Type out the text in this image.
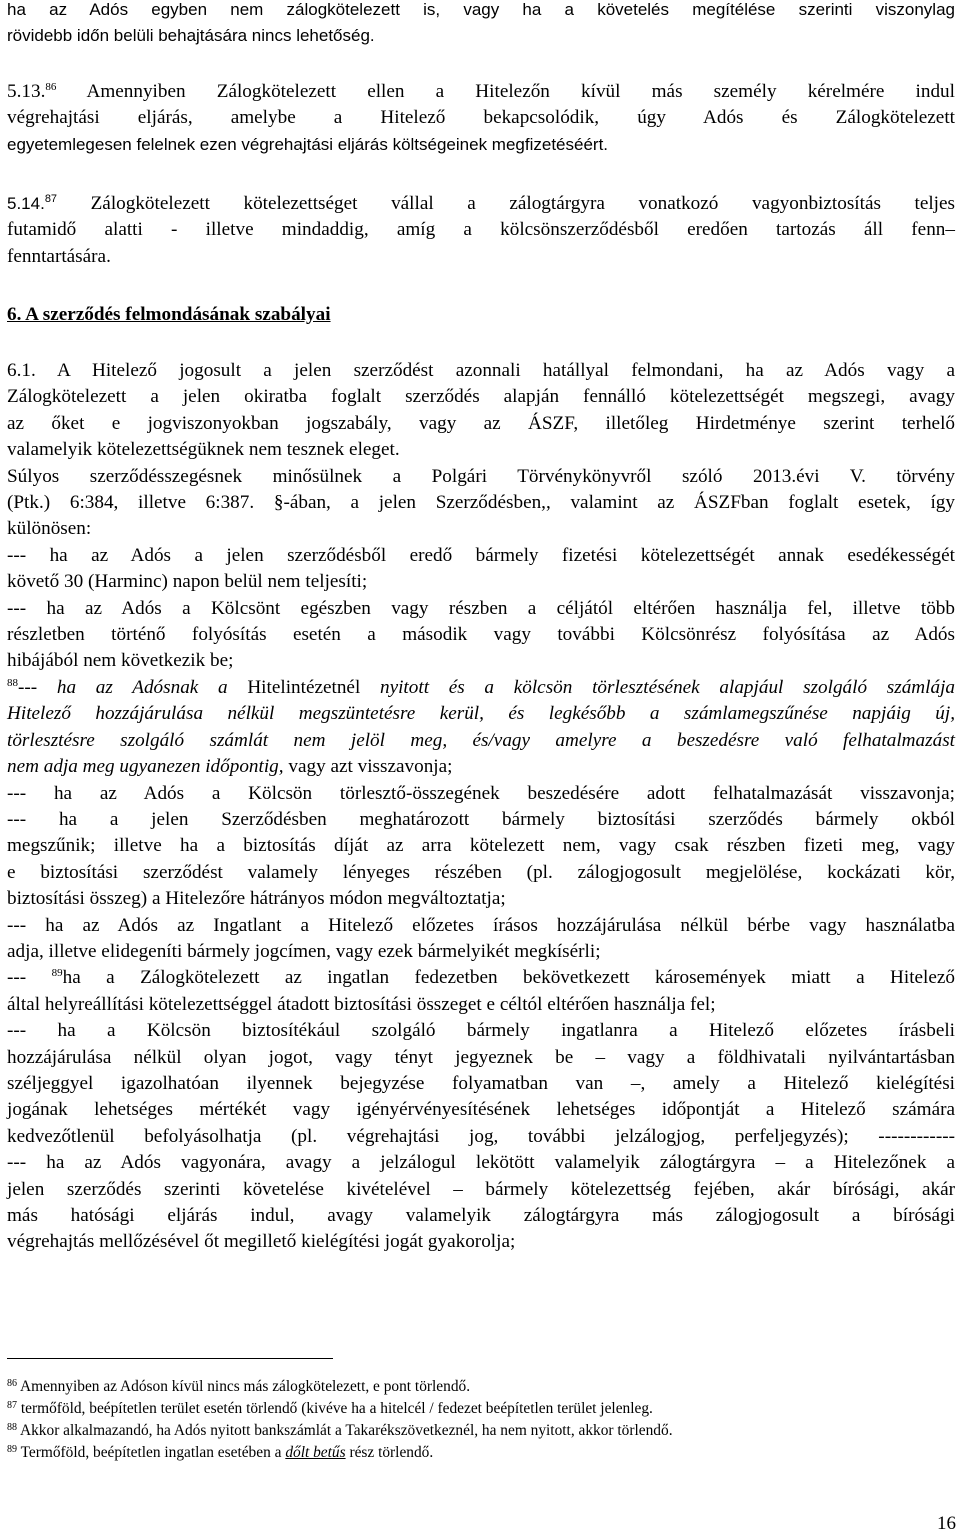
ha az Adós egyben nem zálogkötelezett is, vagy ha a követelés megítélése szerinti viszonylag
rövidebb időn belüli behajtására nincs lehetőség.

5.13.86 Amennyiben Zálogkötelezett ellen a Hitelezőn kívül más személy kérelmére indul
végrehajtási eljárás, amelybe a Hitelező bekapcsolódik, úgy Adós és Zálogkötelezett
egyetemlegesen felelnek ezen végrehajtási eljárás költségeinek megfizetéséért.

5.14.87 Zálogkötelezett kötelezettséget vállal a zálogtárgyra vonatkozó vagyonbiztosítás teljes
futamidő alatti - illetve mindaddig, amíg a kölcsönszerződésből eredően tartozás áll fenn–
fenntartására.

6. A szerződés felmondásának szabályai

6.1. A Hitelező jogosult a jelen szerződést azonnali hatállyal felmondani, ha az Adós vagy a
Zálogkötelezett a jelen okiratba foglalt szerződés alapján fennálló kötelezettségét megszegi, avagy
az őket e jogviszonyokban jogszabály, vagy az ÁSZF, illetőleg Hirdetménye szerint terhelő
valamelyik kötelezettségüknek nem tesznek eleget.
Súlyos szerződésszegésnek minősülnek a Polgári Törvénykönyvről szóló 2013.évi V. törvény
(Ptk.) 6:384, illetve 6:387. §-ában, a jelen Szerződésben,, valamint az ÁSZFban foglalt esetek, így
különösen:
--- ha az Adós a jelen szerződésből eredő bármely fizetési kötelezettségét annak esedékességét
követő 30 (Harminc) napon belül nem teljesíti;
--- ha az Adós a Kölcsönt egészben vagy részben a céljától eltérően használja fel, illetve több
részletben történő folyósítás esetén a második vagy további Kölcsönrész folyósítása az Adós
hibájából nem következik be;
$^{88}$--- ha az Adósnak a Hitelintézetnél nyitott és a kölcsön törlesztésének alapjául szolgáló számlája
Hitelező hozzájárulása nélkül megszüntetésre kerül, és legkésőbb a számlamegszűnése napjáig új,
törlesztésre szolgáló számlát nem jelöl meg, és/vagy amelyre a beszedésre való felhatalmazást
nem adja meg ugyanezen időpontig, vagy azt visszavonja;
--- ha az Adós a Kölcsön törlesztő-összegének beszedésére adott felhatalmazását visszavonja;
--- ha a jelen Szerződésben meghatározott bármely biztosítási szerződés bármely okból
megszűnik; illetve ha a biztosítás díját az arra kötelezett nem, vagy csak részben fizeti meg, vagy
e biztosítási szerződést valamely lényeges részében (pl. zálogjogosult megjelölése, kockázati kör,
biztosítási összeg) a Hitelezőre hátrányos módon megváltoztatja;
--- ha az Adós az Ingatlant a Hitelező előzetes írásos hozzájárulása nélkül bérbe vagy használatba
adja, illetve elidegeníti bármely jogcímen, vagy ezek bármelyikét megkísérli;
--- $^{89}$ha a Zálogkötelezett az ingatlan fedezetben bekövetkezett károsemények miatt a Hitelező
által helyreállítási kötelezettséggel átadott biztosítási összeget e céltól eltérően használja fel;
--- ha a Kölcsön biztosítékául szolgáló bármely ingatlanra a Hitelező előzetes írásbeli
hozzájárulása nélkül olyan jogot, vagy tényt jegyeznek be – vagy a földhivatali nyilvántartásban
széljeggyel igazolhatóan ilyennek bejegyzése folyamatban van –, amely a Hitelező kielégítési
jogának lehetséges mértékét vagy igényérvényesítésének lehetséges időpontját a Hitelező számára
kedvezőtlenül befolyásolhatja (pl. végrehajtási jog, további jelzálogjog, perfeljegyzés); ------------
--- ha az Adós vagyonára, avagy a jelzálogul lekötött valamelyik zálogtárgyra – a Hitelezőnek a
jelen szerződés szerinti követelése kivételével – bármely kötelezettség fejében, akár bírósági, akár
más hatósági eljárás indul, avagy valamelyik zálogtárgyra más zálogjogosult a bírósági
végrehajtás mellőzésével őt megillető kielégítési jogát gyakorolja;

$^{86}$ Amennyiben az Adóson kívül nincs más zálogkötelezett, e pont törlendő.

$^{87}$ termőföld, beépítetlen terület esetén törlendő (kivéve ha a hitelcél / fedezet beépítetlen terület jelenleg.

$^{88}$ Akkor alkalmazandó, ha Adós nyitott bankszámlát a Takarékszövetkeznél, ha nem nyitott, akkor törlendő.

$^{89}$ Termőföld, beépítetlen ingatlan esetében a dőlt betűs rész törlendő.

16
